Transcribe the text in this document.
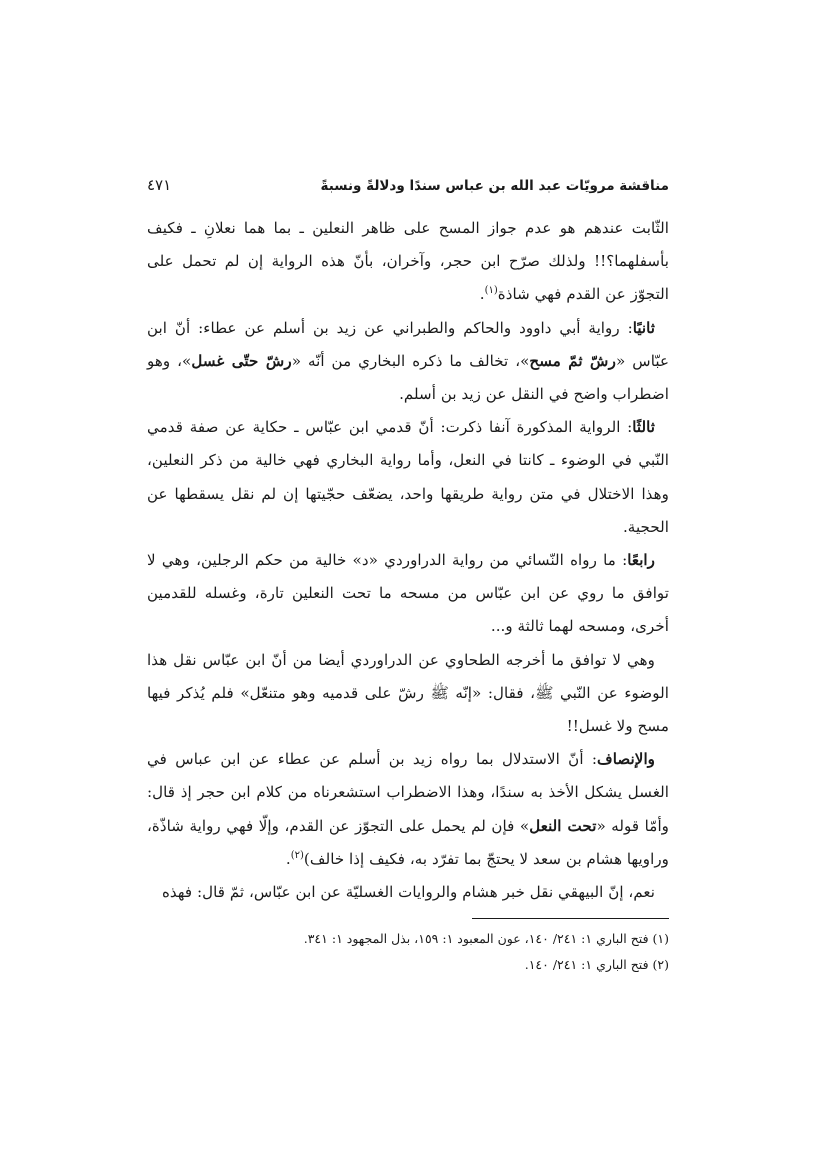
مناقشة مرويّات عبد الله بن عباس سندًا ودلالةً ونسبةً
٤٧١

الثّابت عندهم هو عدم جواز المسح على ظاهر النعلين ـ بما هما نعلانِ ـ فكيف بأسفلهما؟!! ولذلك صرّح ابن حجر، وآخران، بأنّ هذه الرواية إن لم تحمل على التجوّز عن القدم فهي شاذة$^{(١)}$.

ثانيًا: رواية أبي داوود والحاكم والطبراني عن زيد بن أسلم عن عطاء: أنّ ابن عبّاس «رشّ ثمّ مسح»، تخالف ما ذكره البخاري من أنّه «رشّ حتّى غسل»، وهو اضطراب واضح في النقل عن زيد بن أسلم.

ثالثًا: الرواية المذكورة آنفا ذكرت: أنّ قدمي ابن عبّاس ـ حكاية عن صفة قدمي النّبي في الوضوء ـ كانتا في النعل، وأما رواية البخاري فهي خالية من ذكر النعلين، وهذا الاختلال في متن رواية طريقها واحد، يضعّف حجّيتها إن لم نقل يسقطها عن الحجية.

رابعًا: ما رواه النّسائي من رواية الدراوردي «د» خالية من حكم الرجلين، وهي لا توافق ما روي عن ابن عبّاس من مسحه ما تحت النعلين تارة، وغسله للقدمين أخرى، ومسحه لهما ثالثة و...

وهي لا توافق ما أخرجه الطحاوي عن الدراوردي أيضا من أنّ ابن عبّاس نقل هذا الوضوء عن النّبي ﷺ، فقال: «إنّه ﷺ رشّ على قدميه وهو متنعّل» فلم يُذكر فيها مسح ولا غسل!!

والإنصاف: أنّ الاستدلال بما رواه زيد بن أسلم عن عطاء عن ابن عباس في الغسل يشكل الأخذ به سندًا، وهذا الاضطراب استشعرناه من كلام ابن حجر إذ قال: وأمّا قوله «تحت النعل» فإن لم يحمل على التجوّز عن القدم، وإلّا فهي رواية شاذّة، وراويها هشام بن سعد لا يحتجّ بما تفرّد به، فكيف إذا خالف)$^{(٢)}$.

نعم، إنّ البيهقي نقل خبر هشام والروايات الغسليّة عن ابن عبّاس، ثمّ قال: فهذه

(١) فتح الباري ١: ٢٤١/ ١٤٠، عون المعبود ١: ١٥٩، بذل المجهود ١: ٣٤١.
(٢) فتح الباري ١: ٢٤١/ ١٤٠.
